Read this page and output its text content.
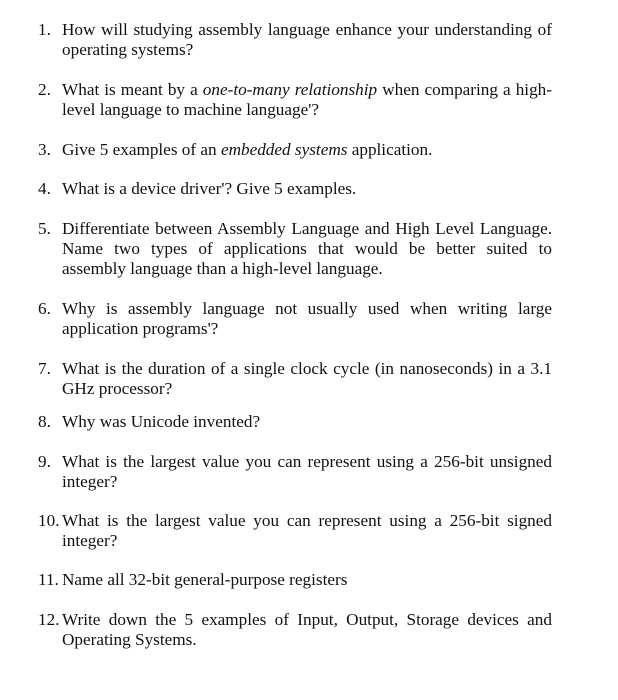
1. How will studying assembly language enhance your understanding of operating systems?
2. What is meant by a one-to-many relationship when comparing a high-level language to machine language'?
3. Give 5 examples of an embedded systems application.
4. What is a device driver'? Give 5 examples.
5. Differentiate between Assembly Language and High Level Language. Name two types of applications that would be better suited to assembly language than a high-level language.
6. Why is assembly language not usually used when writing large application programs'?
7. What is the duration of a single clock cycle (in nanoseconds) in a 3.1 GHz processor?
8. Why was Unicode invented?
9. What is the largest value you can represent using a 256-bit unsigned integer?
10. What is the largest value you can represent using a 256-bit signed integer?
11. Name all 32-bit general-purpose registers
12. Write down the 5 examples of Input, Output, Storage devices and Operating Systems.
